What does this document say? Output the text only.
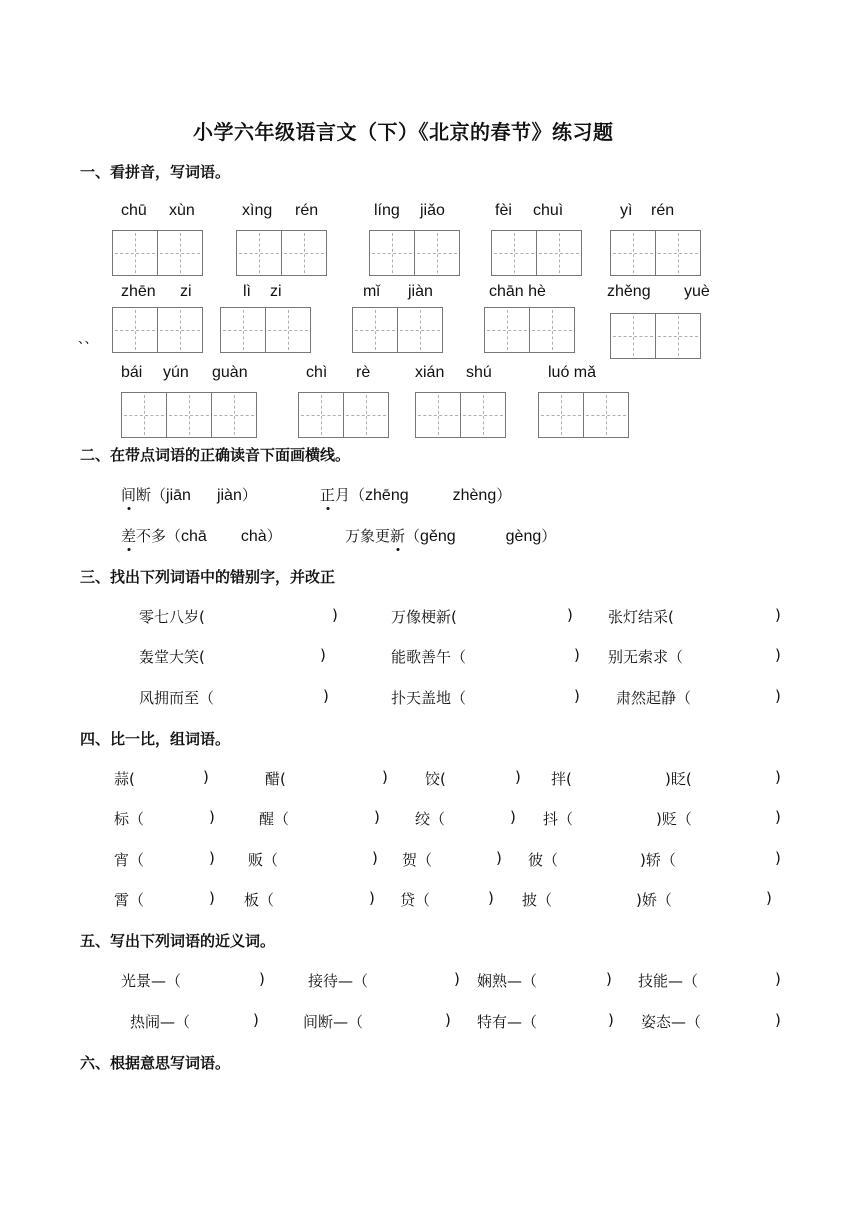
小学六年级语言文（下）《北京的春节》练习题
一、看拼音，写词语。
chū xùn	xìng rén	líng jiǎo	fèi chuì	yì rén
zhēn zi	lì zi	mǐ jiàn	chān hè	zhěng yuè
、、
bái yún guàn	chì rè	xián shú	luó mǎ
二、在带点词语的正确读音下面画横线。
间断（jiān jiàn）	正月（zhēng	zhèng）
差不多（chā chà）	万象更新（gěng	gèng）
三、找出下列词语中的错别字，并改正
零七八岁(	)	万像梗新(	) 张灯结采(	)
轰堂大笑(	)	能歌善午（	) 别无索求（	)
风拥而至（	)	扑天盖地（	) 肃然起静（	)
四、比一比，组词语。
蒜(	)	醋(	) 饺(	) 拌(	)眨(	)
标（	)	醒（	) 绞（	) 抖（	)贬（	)
宵（	) 贩（	) 贺（	) 彼（	)轿（	)
霄（	) 板（	) 贷（	) 披（	)娇（	)
五、写出下列词语的近义词。
光景—（	)	接待—（	) 娴熟—（	) 技能—（	)
热闹—（	)	间断—（	) 特有—（	) 姿态—（	)
六、根据意思写词语。
